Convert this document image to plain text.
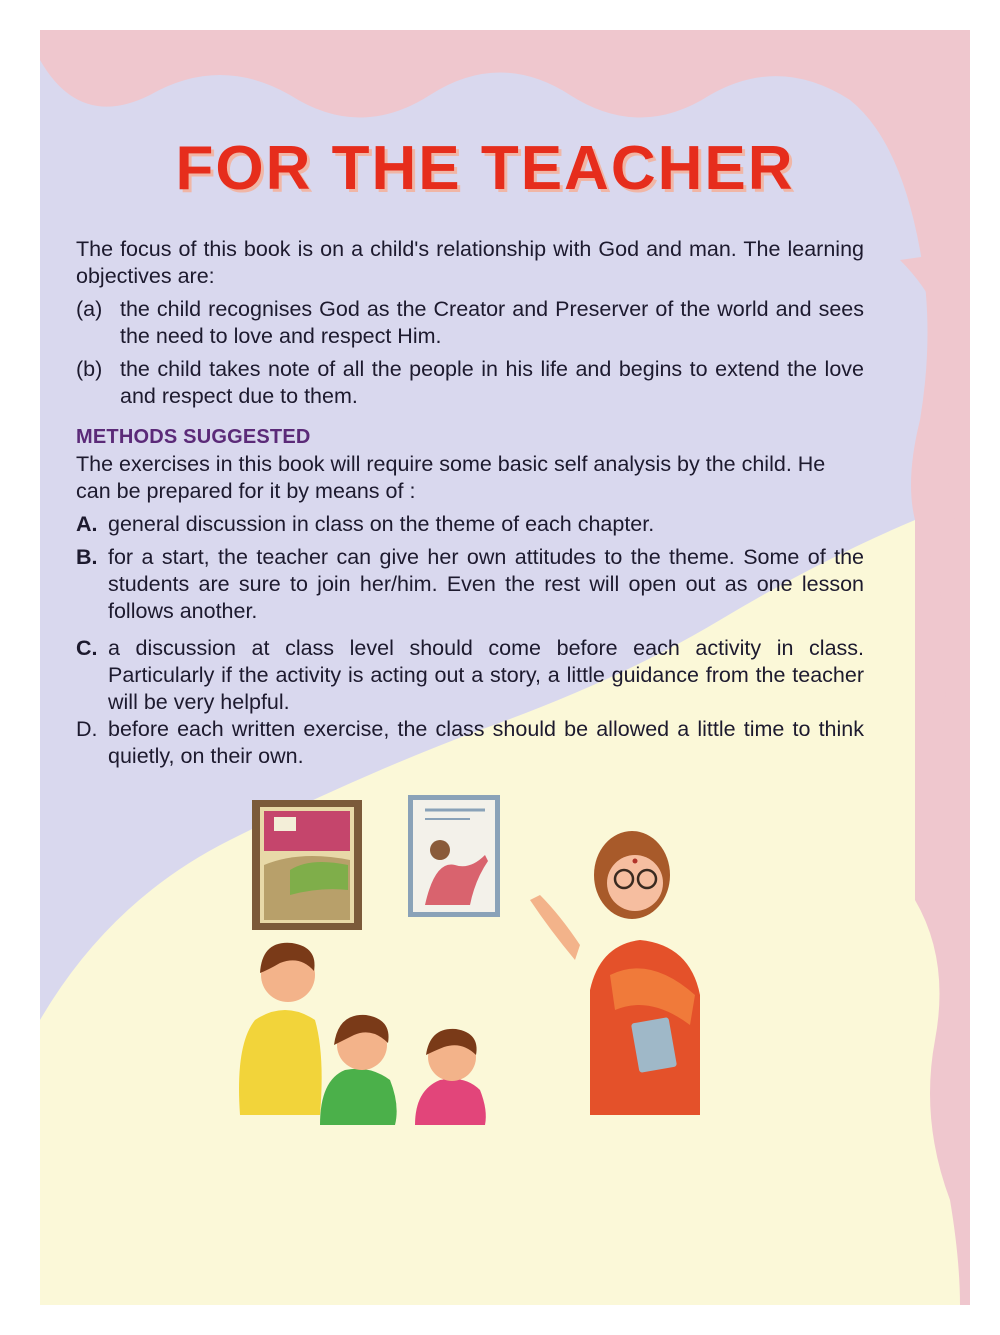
FOR THE TEACHER

The focus of this book is on a child's relationship with God and man. The learning objectives are:

(a) the child recognises God as the Creator and Preserver of the world and sees the need to love and respect Him.
(b) the child takes note of all the people in his life and begins to extend the love and respect due to them.
METHODS SUGGESTED

The exercises in this book will require some basic self analysis by the child. He can be prepared for it by means of :

A. general discussion in class on the theme of each chapter.
B. for a start, the teacher can give her own attitudes to the theme. Some of the students are sure to join her/him. Even the rest will open out as one lesson follows another.
C. a discussion at class level should come before each activity in class. Particularly if the activity is acting out a story, a little guidance from the teacher will be very helpful.
D. before each written exercise, the class should be allowed a little time to think quietly, on their own.
